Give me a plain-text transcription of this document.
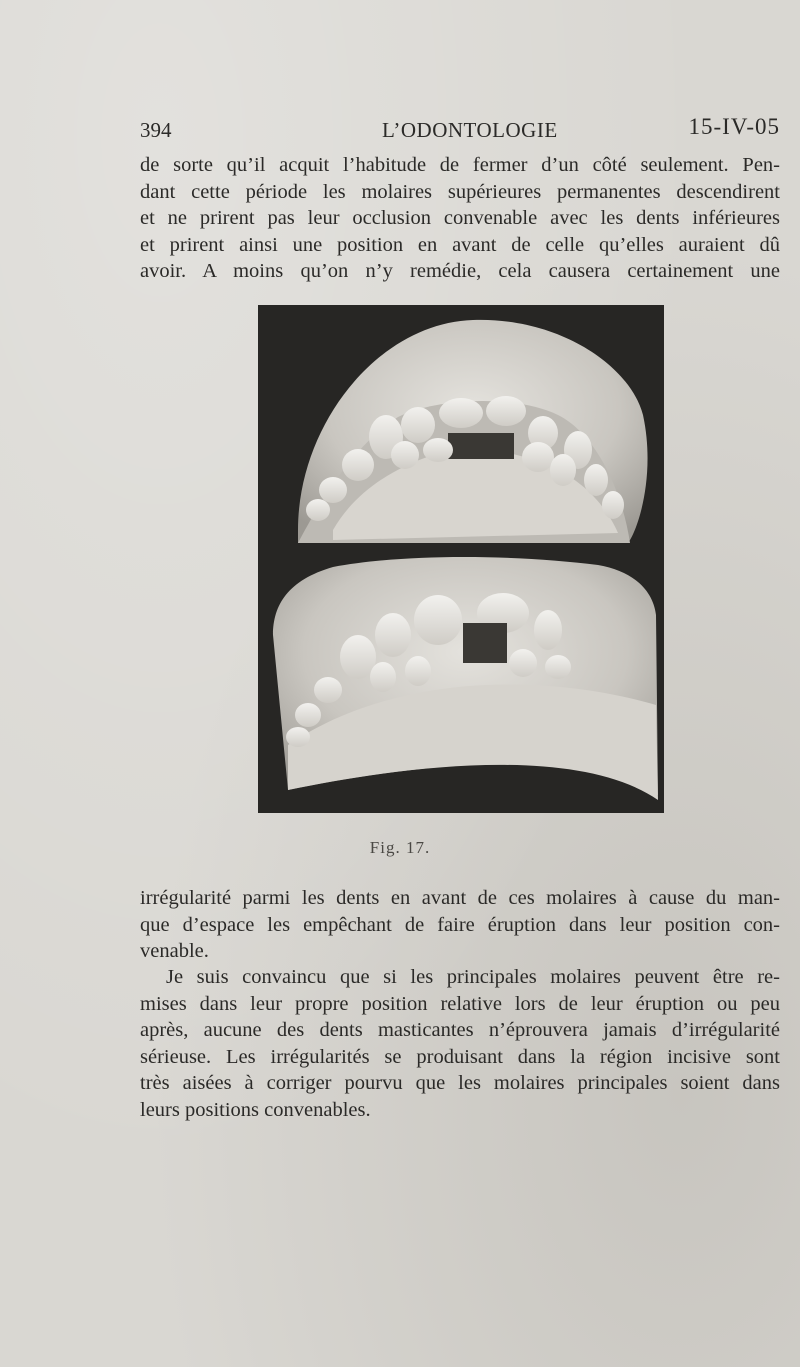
394	L’ODONTOLOGIE	15-IV-05
de sorte qu’il acquit l’habitude de fermer d’un côté seulement. Pen-
dant cette période les molaires supérieures permanentes descendirent
et ne prirent pas leur occlusion convenable avec les dents inférieures
et prirent ainsi une position en avant de celle qu’elles auraient dû
avoir. A moins qu’on n’y remédie, cela causera certainement une
Fig. 17.
irrégularité parmi les dents en avant de ces molaires à cause du man-
que d’espace les empêchant de faire éruption dans leur position con-
venable.
Je suis convaincu que si les principales molaires peuvent être re-
mises dans leur propre position relative lors de leur éruption ou peu
après, aucune des dents masticantes n’éprouvera jamais d’irrégularité
sérieuse. Les irrégularités se produisant dans la région incisive sont
très aisées à corriger pourvu que les molaires principales soient dans
leurs positions convenables.
